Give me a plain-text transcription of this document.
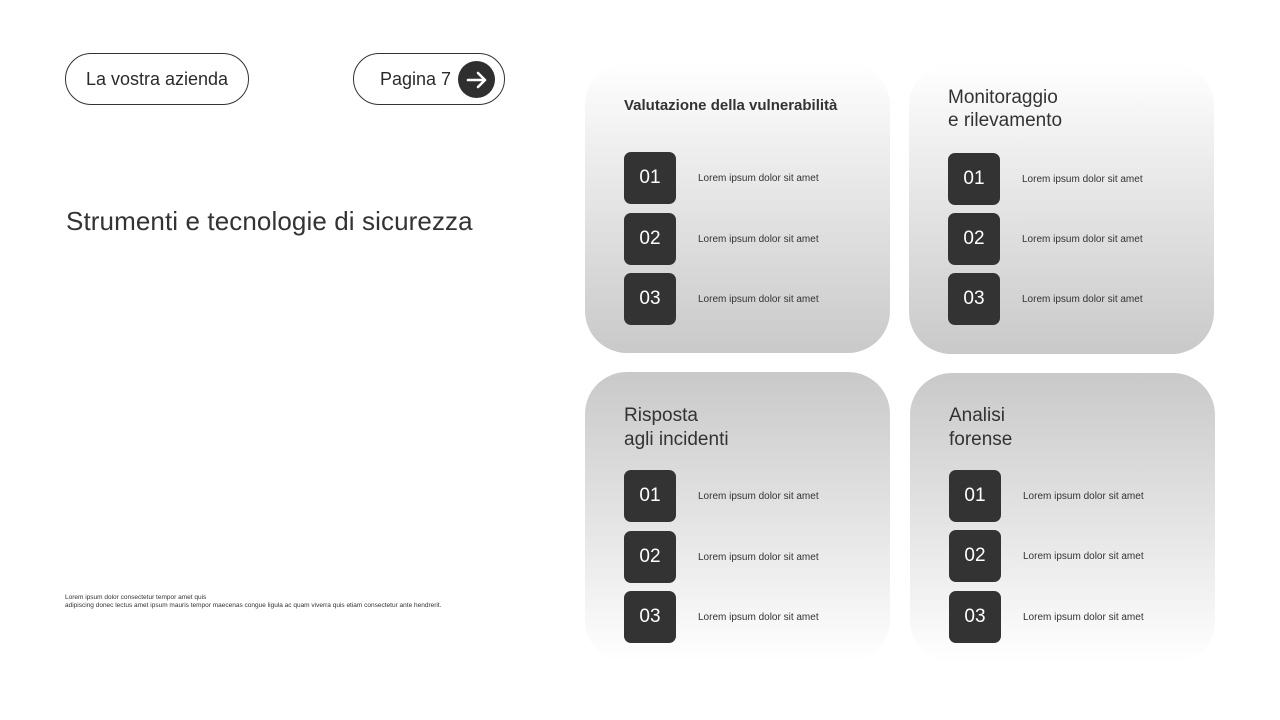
La vostra azienda	Pagina 7
Strumenti e tecnologie di sicurezza
Lorem ipsum dolor consectetur tempor amet quis
adipiscing donec lectus amet ipsum mauris tempor maecenas congue ligula ac quam viverra quis etiam consectetur ante hendrerit.
Valutazione della vulnerabilità
01	Lorem ipsum dolor sit amet
02	Lorem ipsum dolor sit amet
03	Lorem ipsum dolor sit amet
Monitoraggio
e rilevamento
01	Lorem ipsum dolor sit amet
02	Lorem ipsum dolor sit amet
03	Lorem ipsum dolor sit amet
Risposta
agli incidenti
01	Lorem ipsum dolor sit amet
02	Lorem ipsum dolor sit amet
03	Lorem ipsum dolor sit amet
Analisi
forense
01	Lorem ipsum dolor sit amet
02	Lorem ipsum dolor sit amet
03	Lorem ipsum dolor sit amet
